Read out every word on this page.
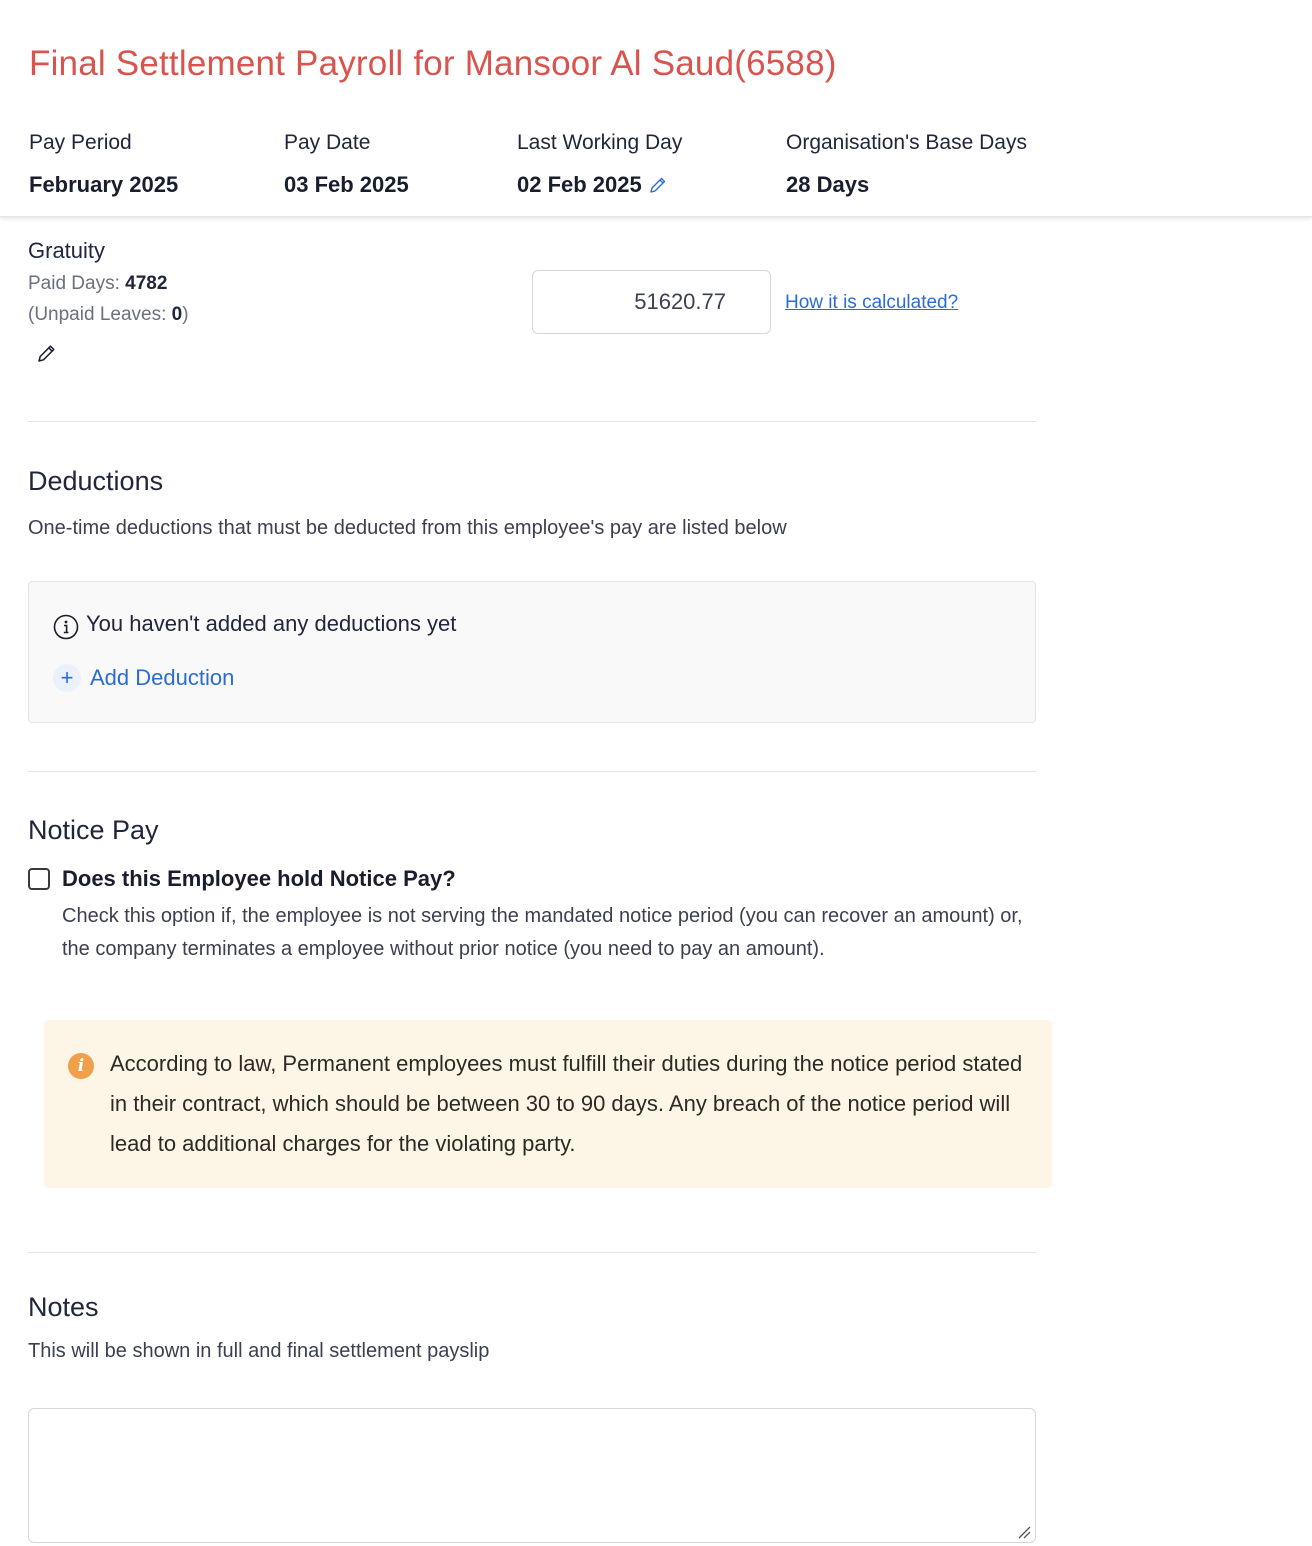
Final Settlement Payroll for Mansoor Al Saud(6588)
Pay Period
February 2025
Pay Date
03 Feb 2025
Last Working Day
02 Feb 2025
Organisation's Base Days
28 Days
Gratuity
Paid Days: 4782
(Unpaid Leaves: 0)
51620.77	How it is calculated?
Deductions
One-time deductions that must be deducted from this employee's pay are listed below
You haven't added any deductions yet
+ Add Deduction
Notice Pay
Does this Employee hold Notice Pay?
Check this option if, the employee is not serving the mandated notice period (you can recover an amount) or, the company terminates a employee without prior notice (you need to pay an amount).
i	According to law, Permanent employees must fulfill their duties during the notice period stated in their contract, which should be between 30 to 90 days. Any breach of the notice period will lead to additional charges for the violating party.
Notes
This will be shown in full and final settlement payslip
